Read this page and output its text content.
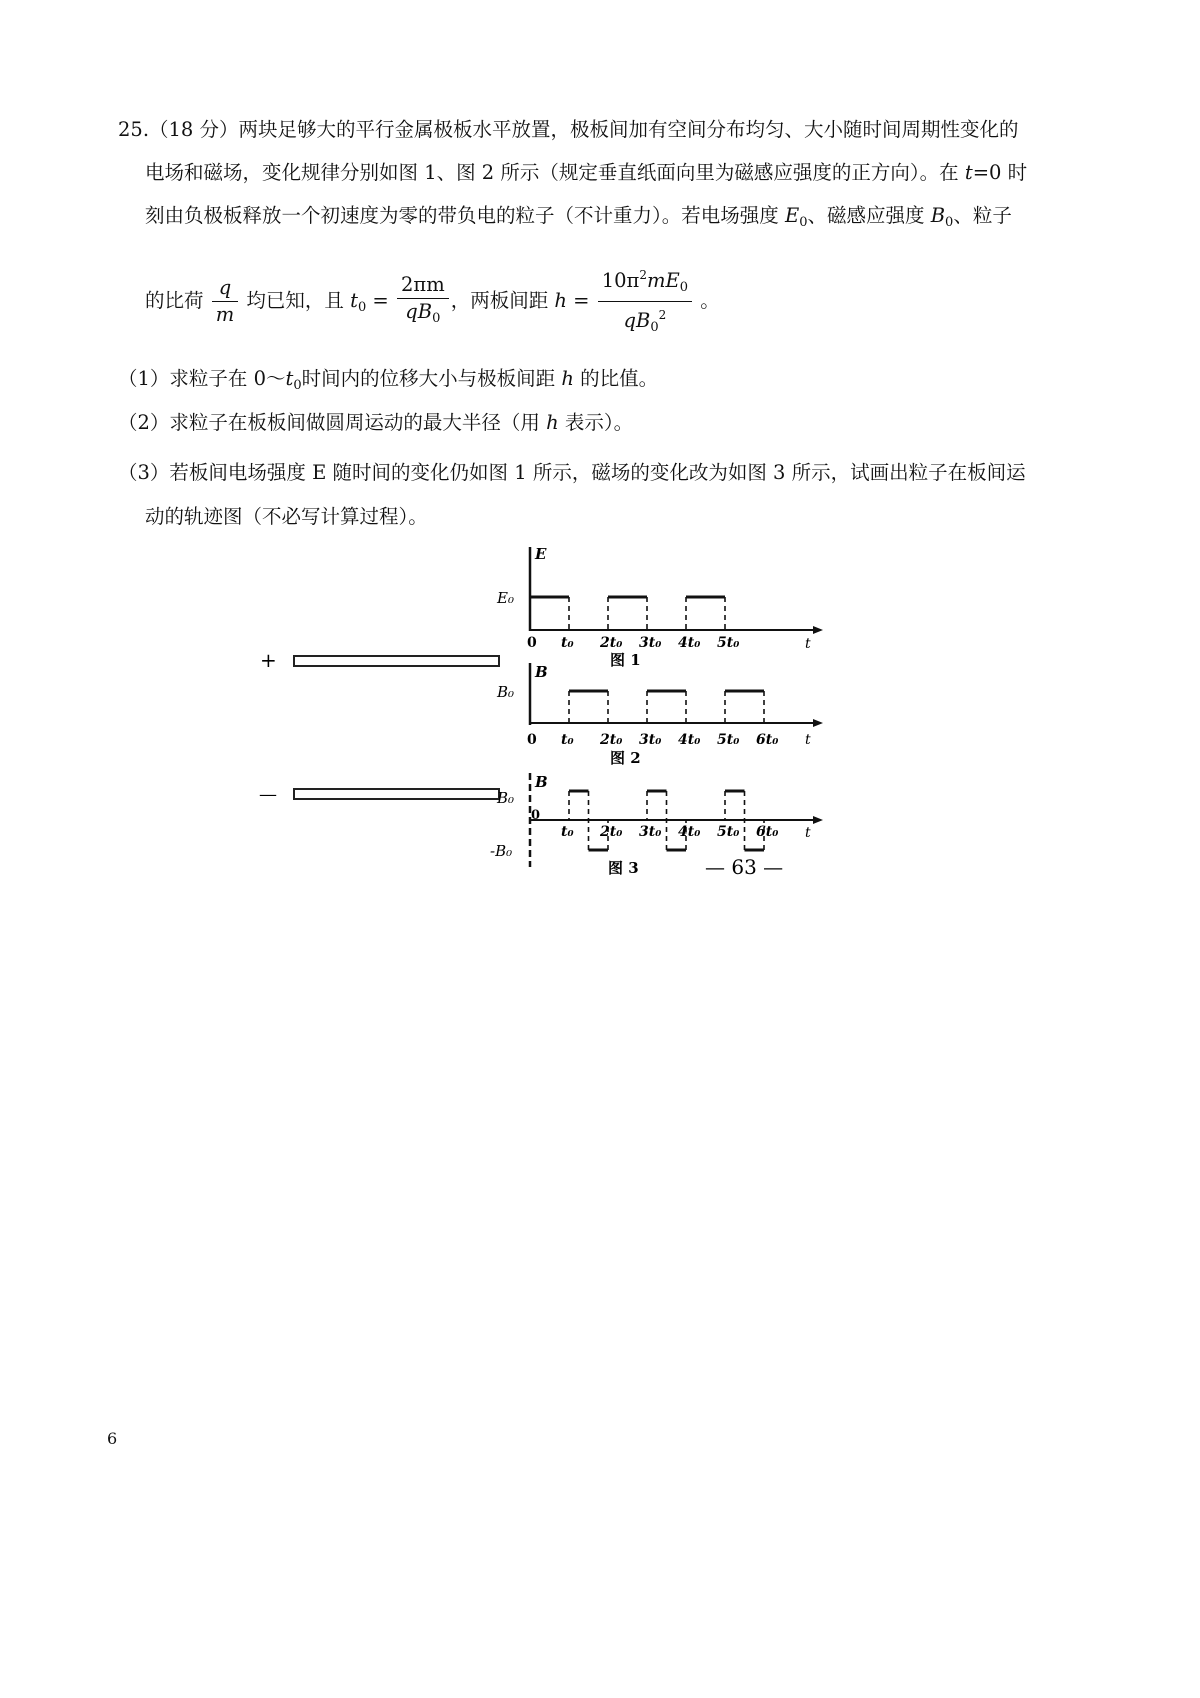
25.（18 分）两块足够大的平行金属极板水平放置，极板间加有空间分布均匀、大小随时间周期性变化的
电场和磁场，变化规律分别如图 1、图 2 所示（规定垂直纸面向里为磁感应强度的正方向）。在 t=0 时
刻由负极板释放一个初速度为零的带负电的粒子（不计重力）。若电场强度 $E_0$、磁感应强度 $B_0$、粒子
的比荷 $\frac{q}{m}$ 均已知，且 $t_0 = \frac{2\pi m}{qB_0}$ ，两板间距 $h = \frac{10\pi^2mE_0}{qB_0^2}$ 。
（1）求粒子在 $0\sim t_0$时间内的位移大小与极板间距 h 的比值。
（2）求粒子在板板间做圆周运动的最大半径（用 h 表示）。
（3）若板间电场强度 E 随时间的变化仍如图 1 所示，磁场的变化改为如图 3 所示，试画出粒子在板间运
动的轨迹图（不必写计算过程）。
+
—
E
E₀
0	t
t₀ 2t₀ 3t₀ 4t₀ 5t₀
图 1
B
B₀
0	t
t₀ 2t₀ 3t₀ 4t₀ 5t₀ 6t₀
图 2
B
B₀
-B₀
0
t
t₀ 2t₀ 3t₀ 4t₀ 5t₀ 6t₀
图 3	— 63 —
6
